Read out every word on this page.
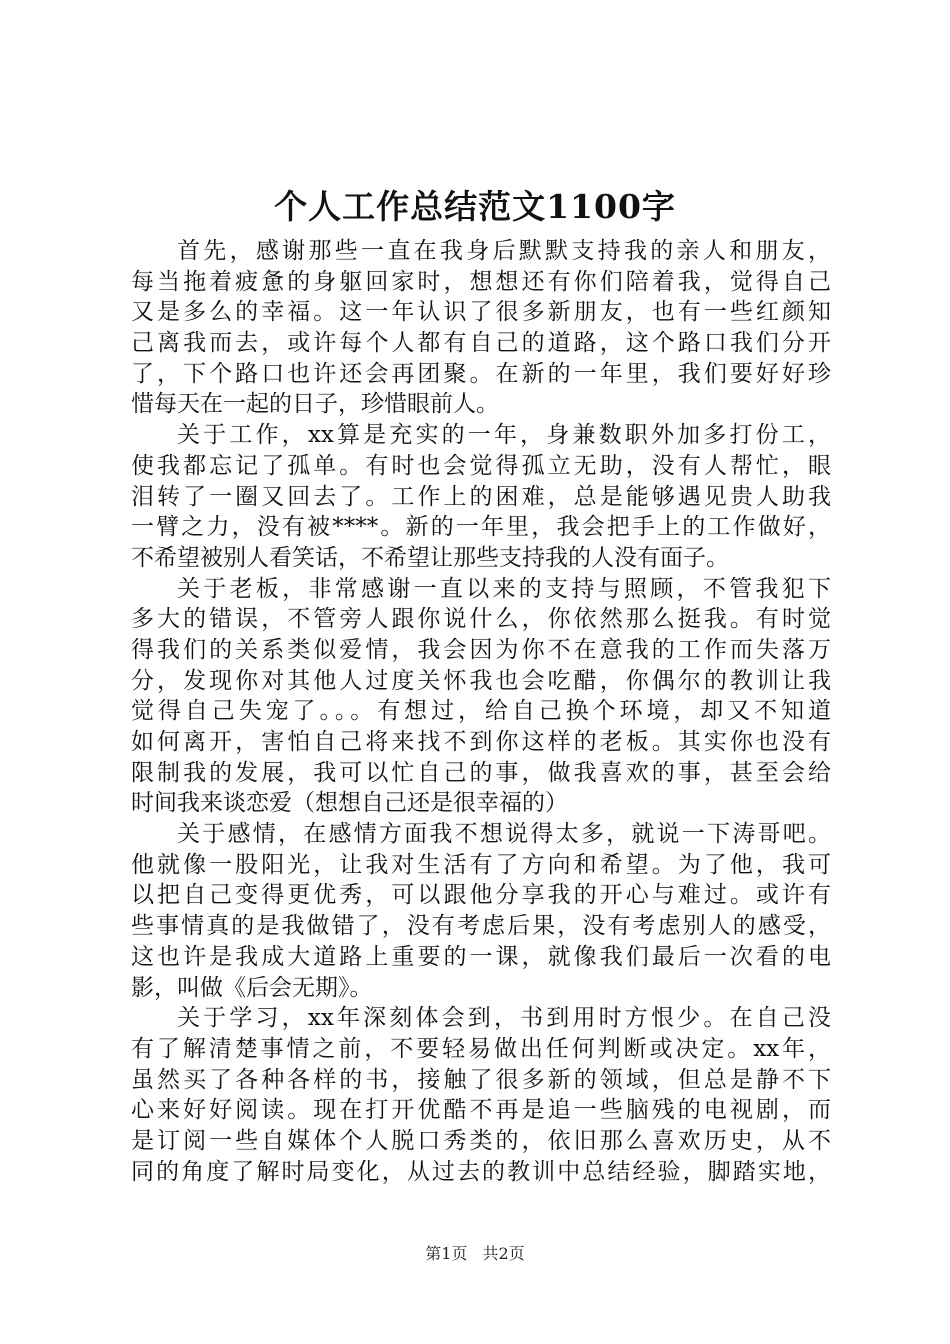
个人工作总结范文1100字
首先，感谢那些一直在我身后默默支持我的亲人和朋友，
每当拖着疲惫的身躯回家时，想想还有你们陪着我，觉得自己
又是多么的幸福。这一年认识了很多新朋友，也有一些红颜知
己离我而去，或许每个人都有自己的道路，这个路口我们分开
了，下个路口也许还会再团聚。在新的一年里，我们要好好珍
惜每天在一起的日子，珍惜眼前人。
关于工作，xx算是充实的一年，身兼数职外加多打份工，
使我都忘记了孤单。有时也会觉得孤立无助，没有人帮忙，眼
泪转了一圈又回去了。工作上的困难，总是能够遇见贵人助我
一臂之力，没有被****。新的一年里，我会把手上的工作做好，
不希望被别人看笑话，不希望让那些支持我的人没有面子。
关于老板，非常感谢一直以来的支持与照顾，不管我犯下
多大的错误，不管旁人跟你说什么，你依然那么挺我。有时觉
得我们的关系类似爱情，我会因为你不在意我的工作而失落万
分，发现你对其他人过度关怀我也会吃醋，你偶尔的教训让我
觉得自己失宠了。。。有想过，给自己换个环境，却又不知道
如何离开，害怕自己将来找不到你这样的老板。其实你也没有
限制我的发展，我可以忙自己的事，做我喜欢的事，甚至会给
时间我来谈恋爱（想想自己还是很幸福的）
关于感情，在感情方面我不想说得太多，就说一下涛哥吧。
他就像一股阳光，让我对生活有了方向和希望。为了他，我可
以把自己变得更优秀，可以跟他分享我的开心与难过。或许有
些事情真的是我做错了，没有考虑后果，没有考虑别人的感受，
这也许是我成大道路上重要的一课，就像我们最后一次看的电
影，叫做《后会无期》。
关于学习，xx年深刻体会到，书到用时方恨少。在自己没
有了解清楚事情之前，不要轻易做出任何判断或决定。xx年，
虽然买了各种各样的书，接触了很多新的领域，但总是静不下
心来好好阅读。现在打开优酷不再是追一些脑残的电视剧，而
是订阅一些自媒体个人脱口秀类的，依旧那么喜欢历史，从不
同的角度了解时局变化，从过去的教训中总结经验，脚踏实地，
第1页 共2页
